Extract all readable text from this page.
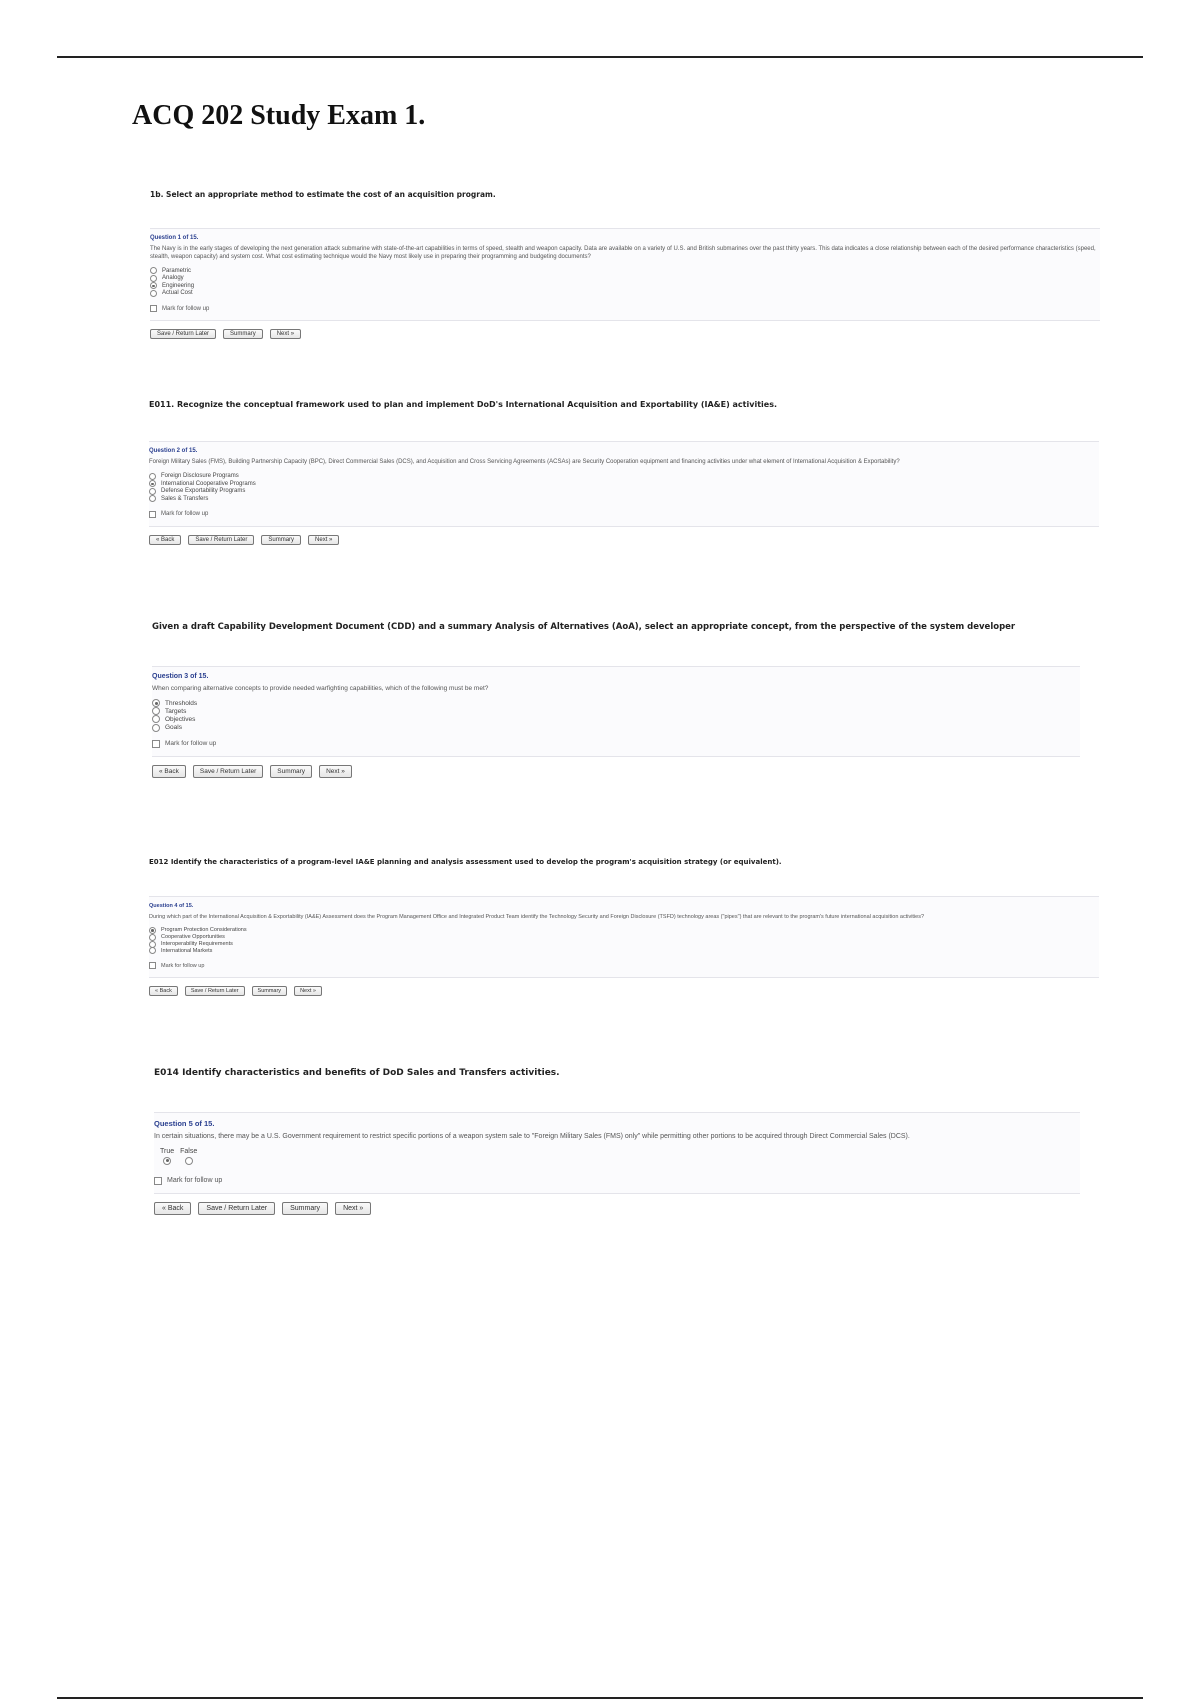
ACQ 202 Study Exam 1.
1b. Select an appropriate method to estimate the cost of an acquisition program.
Question 1 of 15.
The Navy is in the early stages of developing the next generation attack submarine with state-of-the-art capabilities in terms of speed, stealth and weapon capacity. Data are available on a variety of U.S. and British submarines over the past thirty years. This data indicates a close relationship between each of the desired performance characteristics (speed, stealth, weapon capacity) and system cost. What cost estimating technique would the Navy most likely use in preparing their programming and budgeting documents?
Parametric
Analogy
Engineering
Actual Cost
Mark for follow up
Save / Return Later	Summary	Next »
E011. Recognize the conceptual framework used to plan and implement DoD's International Acquisition and Exportability (IA&E) activities.
Question 2 of 15.
Foreign Military Sales (FMS), Building Partnership Capacity (BPC), Direct Commercial Sales (DCS), and Acquisition and Cross Servicing Agreements (ACSAs) are Security Cooperation equipment and financing activities under what element of International Acquisition & Exportability?
Foreign Disclosure Programs
International Cooperative Programs
Defense Exportability Programs
Sales & Transfers
Mark for follow up
« Back	Save / Return Later	Summary	Next »
Given a draft Capability Development Document (CDD) and a summary Analysis of Alternatives (AoA), select an appropriate concept, from the perspective of the system developer
Question 3 of 15.
When comparing alternative concepts to provide needed warfighting capabilities, which of the following must be met?
Thresholds
Targets
Objectives
Goals
Mark for follow up
« Back	Save / Return Later	Summary	Next »
E012 Identify the characteristics of a program-level IA&E planning and analysis assessment used to develop the program's acquisition strategy (or equivalent).
Question 4 of 15.
During which part of the International Acquisition & Exportability (IA&E) Assessment does the Program Management Office and Integrated Product Team identify the Technology Security and Foreign Disclosure (TSFD) technology areas ("pipes") that are relevant to the program's future international acquisition activities?
Program Protection Considerations
Cooperative Opportunities
Interoperability Requirements
International Markets
Mark for follow up
« Back	Save / Return Later	Summary	Next »
E014 Identify characteristics and benefits of DoD Sales and Transfers activities.
Question 5 of 15.
In certain situations, there may be a U.S. Government requirement to restrict specific portions of a weapon system sale to "Foreign Military Sales (FMS) only" while permitting other portions to be acquired through Direct Commercial Sales (DCS).
True False
Mark for follow up
« Back	Save / Return Later	Summary	Next »
